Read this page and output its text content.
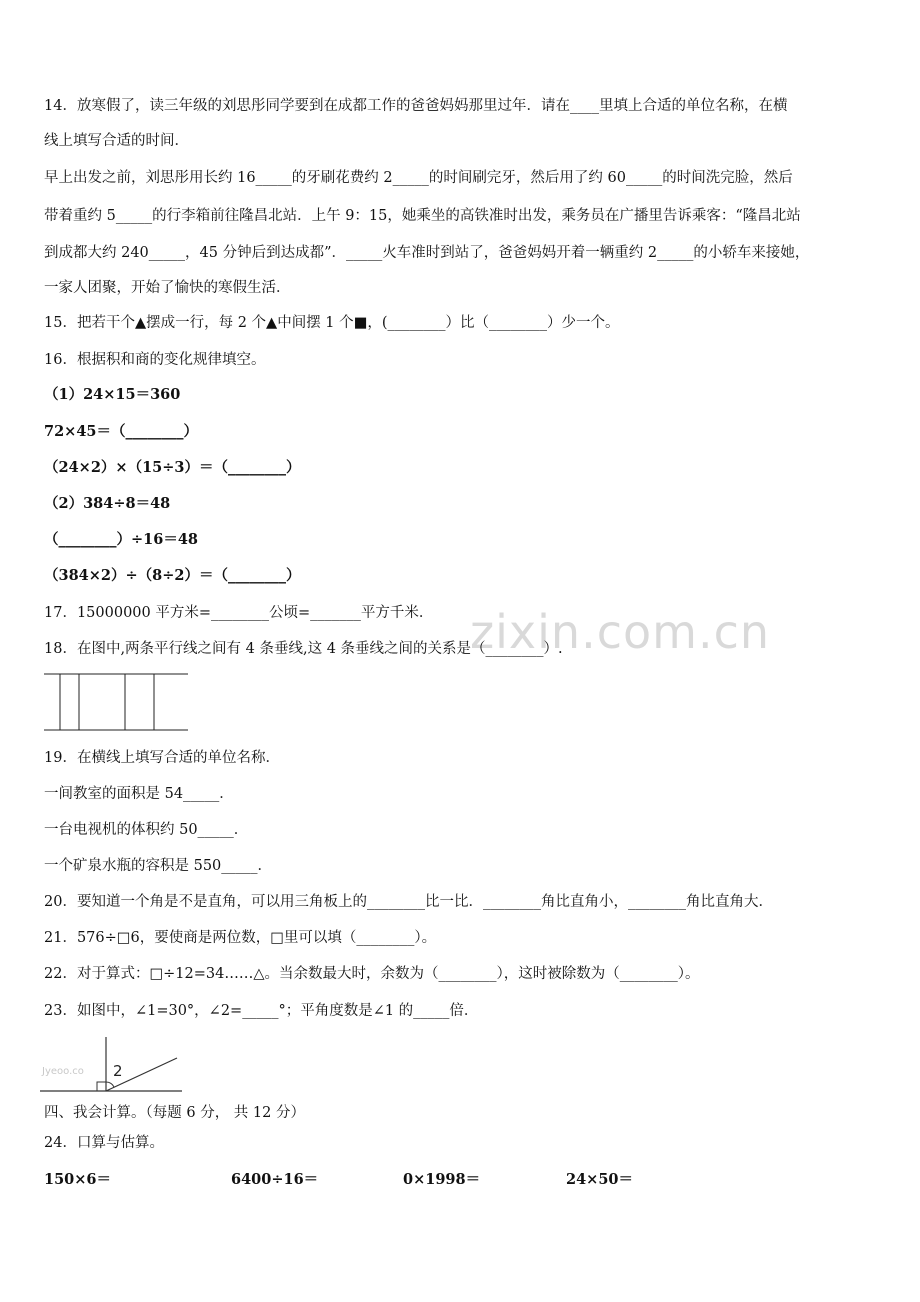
14．放寒假了，读三年级的刘思彤同学要到在成都工作的爸爸妈妈那里过年．请在____里填上合适的单位名称，在横
线上填写合适的时间．
早上出发之前，刘思彤用长约 16_____的牙刷花费约 2_____的时间刷完牙，然后用了约 60_____的时间洗完脸，然后
带着重约 5_____的行李箱前往隆昌北站．上午 9：15，她乘坐的高铁准时出发，乘务员在广播里告诉乘客：“隆昌北站
到成都大约 240_____，45 分钟后到达成都”．_____火车准时到站了，爸爸妈妈开着一辆重约 2_____的小轿车来接她，
一家人团聚，开始了愉快的寒假生活．
15．把若干个▲摆成一行，每 2 个▲中间摆 1 个■，(________）比（________）少一个。
16．根据积和商的变化规律填空。
（1）24×15＝360
72×45＝（________）
（24×2）×（15÷3）＝（________）
（2）384÷8＝48
（________）÷16＝48
（384×2）÷（8÷2）＝（________）
17．15000000 平方米=________公顷=_______平方千米． zixin.com.cn
18．在图中,两条平行线之间有 4 条垂线,这 4 条垂线之间的关系是（________）.
19．在横线上填写合适的单位名称．
一间教室的面积是 54_____．
一台电视机的体积约 50_____．
一个矿泉水瓶的容积是 550_____．
20．要知道一个角是不是直角，可以用三角板上的________比一比．________角比直角小，________角比直角大．
21．576÷□6，要使商是两位数，□里可以填（________）。
22．对于算式：□÷12=34……△。当余数最大时，余数为（________），这时被除数为（________）。
23．如图中，∠1=30°，∠2=_____°；平角度数是∠1 的_____倍．
Jyeoo.co 2
四、我会计算。（每题 6 分， 共 12 分）
24．口算与估算。
150×6＝	6400÷16＝	0×1998＝	24×50＝
